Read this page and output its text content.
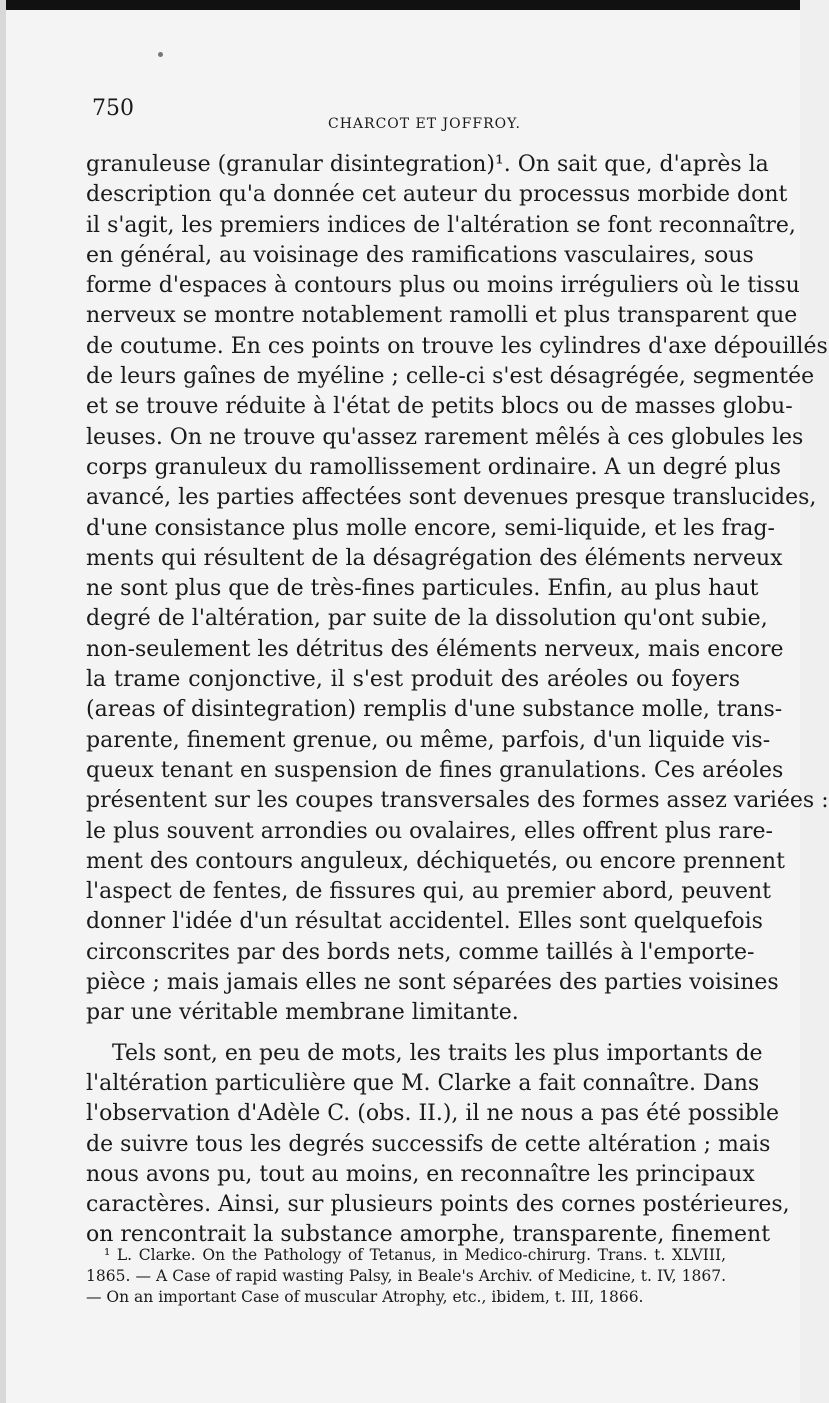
750
CHARCOT ET JOFFROY.
granuleuse (granular disintegration)¹. On sait que, d'après la
description qu'a donnée cet auteur du processus morbide dont
il s'agit, les premiers indices de l'altération se font reconnaître,
en général, au voisinage des ramifications vasculaires, sous
forme d'espaces à contours plus ou moins irréguliers où le tissu
nerveux se montre notablement ramolli et plus transparent que
de coutume. En ces points on trouve les cylindres d'axe dépouillés
de leurs gaînes de myéline ; celle-ci s'est désagrégée, segmentée
et se trouve réduite à l'état de petits blocs ou de masses globu-
leuses. On ne trouve qu'assez rarement mêlés à ces globules les
corps granuleux du ramollissement ordinaire. A un degré plus
avancé, les parties affectées sont devenues presque translucides,
d'une consistance plus molle encore, semi-liquide, et les frag-
ments qui résultent de la désagrégation des éléments nerveux
ne sont plus que de très-fines particules. Enfin, au plus haut
degré de l'altération, par suite de la dissolution qu'ont subie,
non-seulement les détritus des éléments nerveux, mais encore
la trame conjonctive, il s'est produit des aréoles ou foyers
(areas of disintegration) remplis d'une substance molle, trans-
parente, finement grenue, ou même, parfois, d'un liquide vis-
queux tenant en suspension de fines granulations. Ces aréoles
présentent sur les coupes transversales des formes assez variées :
le plus souvent arrondies ou ovalaires, elles offrent plus rare-
ment des contours anguleux, déchiquetés, ou encore prennent
l'aspect de fentes, de fissures qui, au premier abord, peuvent
donner l'idée d'un résultat accidentel. Elles sont quelquefois
circonscrites par des bords nets, comme taillés à l'emporte-
pièce ; mais jamais elles ne sont séparées des parties voisines
par une véritable membrane limitante.
Tels sont, en peu de mots, les traits les plus importants de
l'altération particulière que M. Clarke a fait connaître. Dans
l'observation d'Adèle C. (obs. II.), il ne nous a pas été possible
de suivre tous les degrés successifs de cette altération ; mais
nous avons pu, tout au moins, en reconnaître les principaux
caractères. Ainsi, sur plusieurs points des cornes postérieures,
on rencontrait la substance amorphe, transparente, finement
¹ L. Clarke. On the Pathology of Tetanus, in Medico-chirurg. Trans. t. XLVIII,
1865. — A Case of rapid wasting Palsy, in Beale's Archiv. of Medicine, t. IV, 1867.
— On an important Case of muscular Atrophy, etc., ibidem, t. III, 1866.
